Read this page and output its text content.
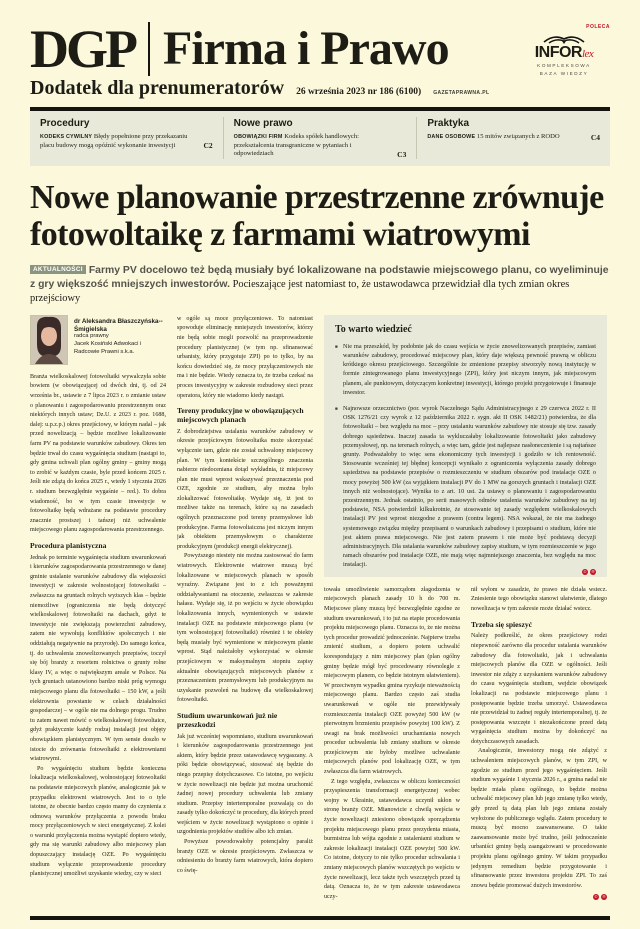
DGP Firma i Prawo	POLECA
INFORlex
KOMPLEKSOWA
BAZA WIEDZY
Dodatek dla prenumeratorów 26 września 2023 nr 186 (6100) GAZETAPRAWNA.PL
Procedury
KODEKS CYWILNY Błędy popełnione przy przekazaniu placu budowy mogą opóźnić wykonanie inwestycji	C2
Nowe prawo
OBOWIĄZKI FIRM Kodeks spółek handlowych: przekształcenia transgraniczne w pytaniach i odpowiedziach	C3
Praktyka
DANE OSOBOWE 15 mitów związanych z RODO	C4
Nowe planowanie przestrzenne zrównuje fotowoltaikę z farmami wiatrowymi
AKTUALNOŚCI Farmy PV docelowo też będą musiały być lokalizowane na podstawie miejscowego planu, co wyeliminuje z gry większość mniejszych inwestorów. Pocieszające jest natomiast to, że ustawodawca przewidział dla tych zmian okres przejściowy
dr Aleksandra Błaszczyńska--Śmigielska
radca prawny
Jacek Kosiński Adwokaci i Radcowie Prawni s.k.a.

Branża wielkoskalowej fotowoltaiki wywalczyła sobie bowiem (w obowiązującej od dwóch dni, tj. od 24 września br., ustawie z 7 lipca 2023 r. o zmianie ustaw o planowaniu i zagospodarowaniu przestrzennym oraz niektórych innych ustaw; Dz.U. z 2023 r. poz. 1688, dalej: u.p.z.p.) okres przejściowy, w którym nadal – jak przed nowelizacją – będzie możliwe lokalizowanie farm PV na podstawie warunków zabudowy. Okres ten będzie trwał do czasu wygaśnięcia studium (nastąpi to, gdy gmina uchwali plan ogólny gminy – gminy mogą to zrobić w każdym czasie, byle przed końcem 2025 r. Jeśli nie zdążą do końca 2025 r., wtedy 1 stycznia 2026 r. studium bezwzględnie wygaśnie – red.). To dobra wiadomość, bo w tym czasie inwestycje w fotowoltaikę będą wdrażane na podstawie procedury znacznie prostszej i tańszej niż uchwalenie miejscowego planu zagospodarowania przestrzennego.

Procedura planistyczna

Jednak po terminie wygaśnięcia studium uwarunkowań i kierunków zagospodarowania przestrzennego w danej gminie ustalanie warunków zabudowy dla większości inwestycji w zakresie wolnostojącej fotowoltaiki – zwłaszcza na gruntach rolnych wyższych klas – będzie niemożliwe (ograniczenia nie będą dotyczyć wielkoskalowej fotowoltaiki na dachach, gdyż te inwestycje nie zwiększają powierzchni zabudowy, zatem nie wywołują konfliktów społecznych i nie oddziałują negatywnie na przyrodę). Do samego końca, tj. do uchwalenia znowelizowanych przepisów, toczył się bój branży z resortem rolnictwa o grunty rolne klasy IV, a więc o największym areale w Polsce. Na tych gruntach ustanowiono bardzo niski próg wymogu miejscowego planu dla fotowoltaiki – 150 kW, a jeśli elektrownia powstanie w celach działalności gospodarczej – w ogóle nie ma dolnego progu. Trudno tu zatem nawet mówić o wielkoskalowej fotowoltaice, gdyż praktycznie każdy rodzaj instalacji jest objęty obowiązkiem planistycznym. W tym sensie doszło w istocie do zrównania fotowoltaiki z elektrowniami wiatrowymi.

Po wygaśnięciu studium będzie konieczna lokalizacja wielkoskalowej, wolnostojącej fotowoltaiki na podstawie miejscowych planów, analogicznie jak w przypadku elektrowni wiatrowych. Jest to o tyle istotne, że obecnie bardzo często mamy do czynienia z odmową warunków przyłączenia z powodu braku mocy przyłączeniowych w sieci energetycznej. Z kolei o warunki przyłączenia można wystąpić dopiero wtedy, gdy ma się warunki zabudowy albo miejscowy plan dopuszczający instalację OZE. Po wygaśnięciu studium wyłącznie przeprowadzenie procedury planistycznej umożliwi uzyskanie wiedzy, czy w sieci

w ogóle są moce przyłączeniowe. To natomiast spowoduje eliminację mniejszych inwestorów, którzy nie będą sobie mogli pozwolić na przeprowadzenie procedury planistycznej (w tym np. sfinansować urbanisty, który przygotuje ZPI) po to tylko, by na końcu dowiedzieć się, że mocy przyłączeniowych nie ma i nie będzie. Wtedy oznacza to, że trzeba czekać na proces inwestycyjny w zakresie rozbudowy sieci przez operatora, który nie wiadomo kiedy nastąpi.

Tereny produkcyjne w obowiązujących miejscowych planach

Z dobrodziejstwa ustalania warunków zabudowy w okresie przejściowym fotowoltaika może skorzystać wyłącznie tam, gdzie nie został uchwalony miejscowy plan. W tym kontekście szczególnego znaczenia nabierze niedoceniana dotąd wykładnia, iż miejscowy plan nie musi wprost wskazywać przeznaczenia pod OZE, zgodnie ze studium, aby można było zlokalizować fotowoltaikę. Wydaje się, iż jest to możliwe także na terenach, które są na zasadach ogólnych przeznaczone pod tereny przemysłowe lub produkcyjne. Farma fotowoltaiczna jest niczym innym jak obiektem przemysłowym o charakterze produkcyjnym (produkcji energii elektrycznej).

Powyższego niestety nie można zastosować do farm wiatrowych. Elektrownie wiatrowe muszą być lokalizowane w miejscowych planach w sposób wyraźny. Związane jest to z ich poważnymi oddziaływaniami na otoczenie, zwłaszcza w zakresie hałasu. Wydaje się, iż po wejściu w życie obowiązku lokalizowania innych, wymienionych w ustawie instalacji OZE na podstawie miejscowego planu (w tym wolnostojącej fotowoltaiki) również i te obiekty będą musiały być wymienione w miejscowym planie wprost. Stąd należałoby wykorzystać w okresie przejściowym w maksymalnym stopniu zapisy aktualnie obowiązujących miejscowych planów z przeznaczeniem przemysłowym lub produkcyjnym na uzyskanie pozwoleń na budowę dla wielkoskalowej fotowoltaiki.

Studium uwarunkowań już nie przeszkodzi

Jak już wcześniej wspomniano, studium uwarunkowań i kierunków zagospodarowania przestrzennego jest aktem, który będzie przez ustawodawcę wygaszany. A póki będzie obowiązywać, stosować się będzie do niego przepisy dotychczasowe. Co istotne, po wejściu w życie nowelizacji nie będzie już można uruchomić żadnej nowej procedury uchwalenia lub zmiany studium. Przepisy intertemporalne pozwalają co do zasady tylko dokończyć te procedury, dla których przed wejściem w życie nowelizacji wystąpiono o opinie i uzgodnienia projektów studiów albo ich zmian.

Powyższe powodowałoby potencjalny paraliż branży OZE w okresie przejściowym. Zwłaszcza w odniesieniu do branży farm wiatrowych, która dopiero co świę-

To warto wiedzieć
■ Nie ma przeszkód, by podobnie jak do czasu wejścia w życie znowelizowanych przepisów, zamiast warunków zabudowy, procedować miejscowy plan, który daje większą pewność prawną w obliczu krótkiego okresu przejściowego. Szczególnie że zmienione przepisy stworzyły nową instytucję w formie zintegrowanego planu inwestycyjnego (ZPI), który jest niczym innym, jak miejscowym planem, ale punktowym, dotyczącym konkretnej inwestycji, którego projekt przygotowuje i finansuje inwestor.
■ Najnowsze orzecznictwo (por. wyrok Naczelnego Sądu Administracyjnego z 29 czerwca 2022 r. II OSK 1276/21 czy wyrok z 12 października 2022 r. sygn. akt II OSK 1482/21) potwierdza, że dla fotowoltaiki – bez względu na moc – przy ustalaniu warunków zabudowy nie stosuje się tzw. zasady dobrego sąsiedztwa. Inaczej zasada ta wykluczałaby lokalizowanie fotowoltaiki jako zabudowy przemysłowej, np. na terenach rolnych, a więc tam, gdzie jest najlepsze nasłonecznienie i są najtańsze grunty. Podważałoby to więc sens ekonomiczny tych inwestycji i godziło w ich rentowność. Stosowanie wcześniej tej błędnej koncepcji wynikało z ograniczenia wyłączenia zasady dobrego sąsiedztwa na podstawie przepisów o rozmieszczeniu w studium obszarów pod instalacje OZE o mocy powyżej 500 kW (za wyjątkiem instalacji PV do 1 MW na gorszych gruntach i instalacji OZE innych niż wolnostojące). Wynika to z art. 10 ust. 2a ustawy o planowaniu i zagospodarowaniu przestrzennym. Jednak ostatnio, po serii masowych odmów ustalenia warunków zabudowy na tej podstawie, NSA potwierdził kilkukrotnie, że stosowanie tej zasady względem wielkoskalowych instalacji PV jest wprost niezgodne z prawem (contra legem). NSA wskazał, że nie ma żadnego systemowego związku między przepisami o warunkach zabudowy i przepisami o studium, które nie jest aktem prawa miejscowego. Nie jest zatem prawem i nie może być podstawą decyzji administracyjnych. Dla ustalania warunków zabudowy zapisy studium, w tym rozmieszczenie w jego ramach obszarów pod instalacje OZE, nie mają więc najmniejszego znaczenia, bez względu na moc instalacji.
©	℗

towała umożliwienie samorządom złagodzenia w miejscowych planach zasady 10 h do 700 m. Miejscowe plany muszą być bezwzględnie zgodne ze studium uwarunkowań, i to już na etapie procedowania projektu miejscowego planu. Oznacza to, że nie można tych procedur prowadzić jednocześnie. Najpierw trzeba zmienić studium, a dopiero potem uchwalić korespondujący z nim miejscowy plan (plan ogólny gminy będzie mógł być procedowany równolegle z miejscowym planem, co będzie istotnym ułatwieniem). W przeciwnym wypadku gmina ryzykuje nieważnością miejscowego planu. Bardzo często zaś studia uwarunkowań w ogóle nie przewidywały rozmieszczenia instalacji OZE powyżej 500 kW (w pierwotnym brzmieniu przepisów powyżej 100 kW). Z uwagi na brak możliwości uruchamiania nowych procedur uchwalenia lub zmiany studium w okresie przejściowym nie byłoby możliwe uchwalanie miejscowych planów pod lokalizację OZE, w tym zwłaszcza dla farm wiatrowych.

Z tego względu, zwłaszcza w obliczu konieczności przyspieszenia transformacji energetycznej wobec wojny w Ukrainie, ustawodawca uczynił ukłon w stronę branży OZE. Mianowicie z chwilą wejścia w życie nowelizacji zniesiono obowiązek sporządzenia projektu miejscowego planu przez prezydenta miasta, burmistrza lub wójta zgodnie z ustaleniami studium w zakresie lokalizacji instalacji OZE powyżej 500 kW. Co istotne, dotyczy to nie tylko procedur uchwalania i zmiany miejscowych planów wszczętych po wejściu w życie nowelizacji, lecz także tych wszczętych przed tą datą. Oznacza to, że w tym zakresie ustawodawca uczy-

nił wyłom w zasadzie, że prawo nie działa wstecz. Zniesienie tego obowiązku stanowi ułatwienie, dlatego nowelizacja w tym zakresie może działać wstecz.

Trzeba się spieszyć

Należy podkreślić, że okres przejściowy rodzi niepewność zarówno dla procedur ustalania warunków zabudowy dla fotowoltaiki, jak i uchwalania miejscowych planów dla OZE w ogólności. Jeśli inwestor nie zdąży z uzyskaniem warunków zabudowy do czasu wygaśnięcia studium, wejdzie obowiązek lokalizacji na podstawie miejscowego planu i postępowanie będzie trzeba umorzyć. Ustawodawca nie przewidział tu żadnej reguły intertemporalnej, tj. że postępowania wszczęte i niezakończone przed datą wygaśnięcia studium można by dokończyć na dotychczasowych zasadach.

Analogicznie, inwestorzy mogą nie zdążyć z uchwaleniem miejscowych planów, w tym ZPI, w zgodzie ze studium przed jego wygaśnięciem. Jeśli studium wygaśnie 1 stycznia 2026 r., a gmina nadal nie będzie miała planu ogólnego, to będzie można uchwalić miejscowy plan lub jego zmianę tylko wtedy, gdy przed tą datą plan lub jego zmiana zostały wyłożone do publicznego wglądu. Zatem procedury te muszą być mocno zaawansowane. O takie zaawansowanie może być trudno, jeśli jednocześnie urbaniści gminy będą zaangażowani w procedowanie projektu planu ogólnego gminy. W takim przypadku jedynym remedium będzie przygotowanie i sfinansowanie przez inwestora projektu ZPI. To zaś znowu będzie promować dużych inwestorów.

©	℗
